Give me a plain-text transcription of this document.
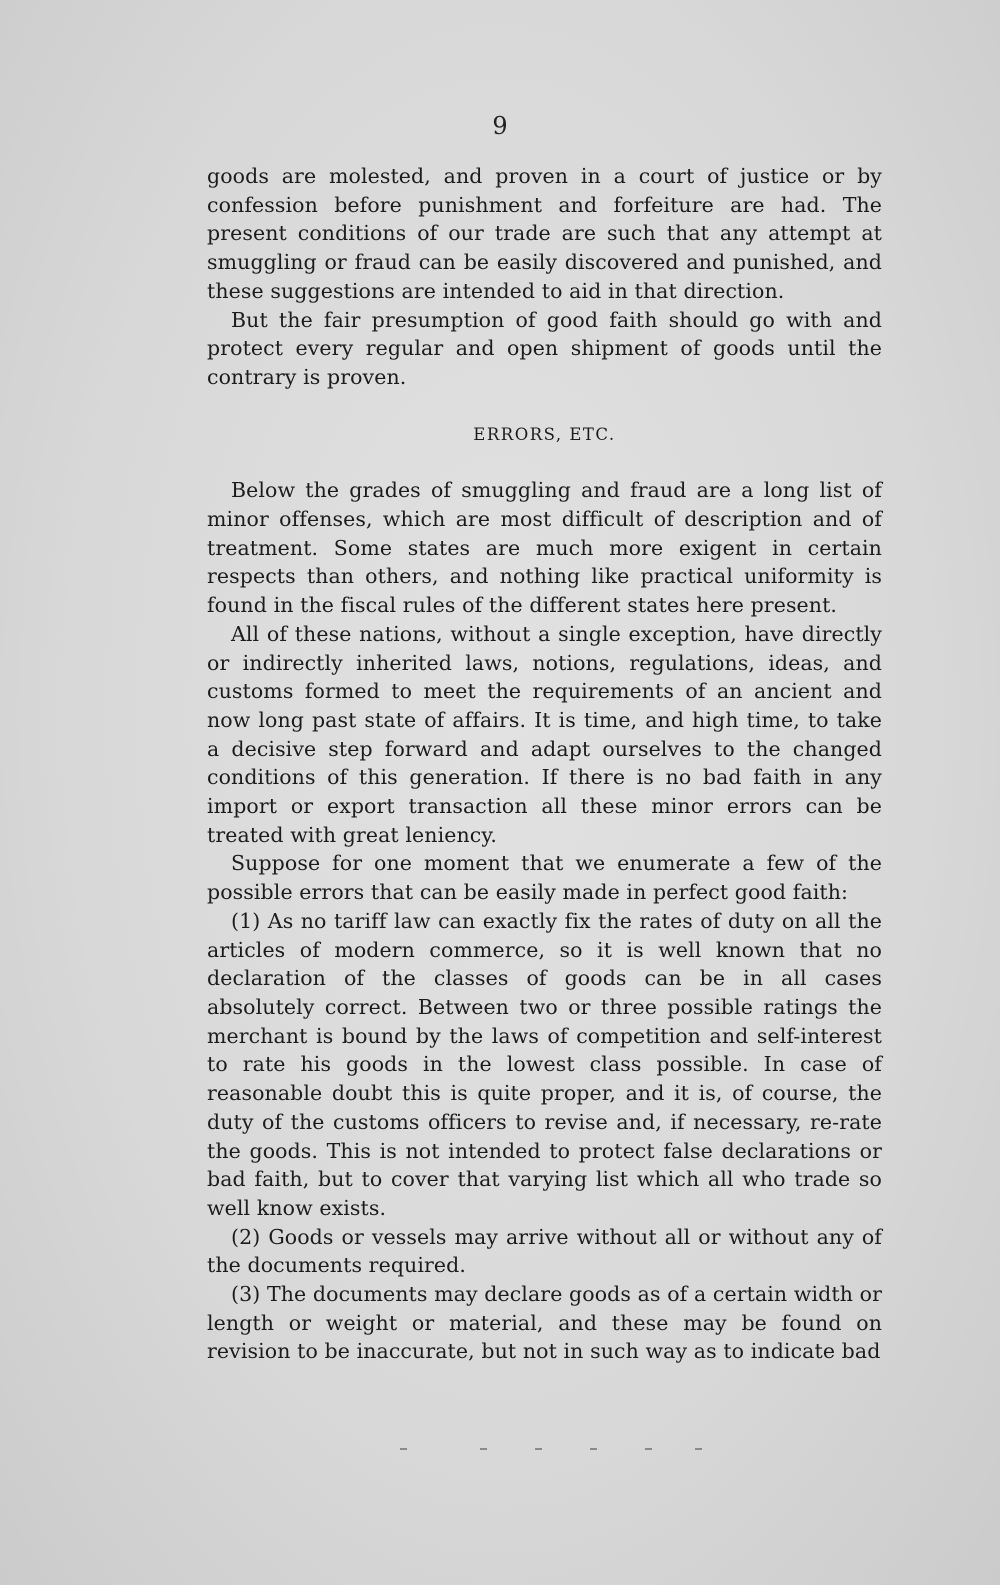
9

goods are molested, and proven in a court of justice or by confession before punishment and forfeiture are had. The present conditions of our trade are such that any attempt at smuggling or fraud can be easily discovered and punished, and these suggestions are intended to aid in that direction.

But the fair presumption of good faith should go with and protect every regular and open shipment of goods until the contrary is proven.

ERRORS, ETC.

Below the grades of smuggling and fraud are a long list of minor offenses, which are most difficult of description and of treatment. Some states are much more exigent in certain respects than others, and nothing like practical uniformity is found in the fiscal rules of the different states here present.

All of these nations, without a single exception, have directly or indirectly inherited laws, notions, regulations, ideas, and customs formed to meet the requirements of an ancient and now long past state of affairs. It is time, and high time, to take a decisive step forward and adapt ourselves to the changed conditions of this generation. If there is no bad faith in any import or export transaction all these minor errors can be treated with great leniency.

Suppose for one moment that we enumerate a few of the possible errors that can be easily made in perfect good faith:

(1) As no tariff law can exactly fix the rates of duty on all the articles of modern commerce, so it is well known that no declaration of the classes of goods can be in all cases absolutely correct. Between two or three possible ratings the merchant is bound by the laws of competition and self-interest to rate his goods in the lowest class possible. In case of reasonable doubt this is quite proper, and it is, of course, the duty of the customs officers to revise and, if necessary, re-rate the goods. This is not intended to protect false declarations or bad faith, but to cover that varying list which all who trade so well know exists.

(2) Goods or vessels may arrive without all or without any of the documents required.

(3) The documents may declare goods as of a certain width or length or weight or material, and these may be found on revision to be inaccurate, but not in such way as to indicate bad
